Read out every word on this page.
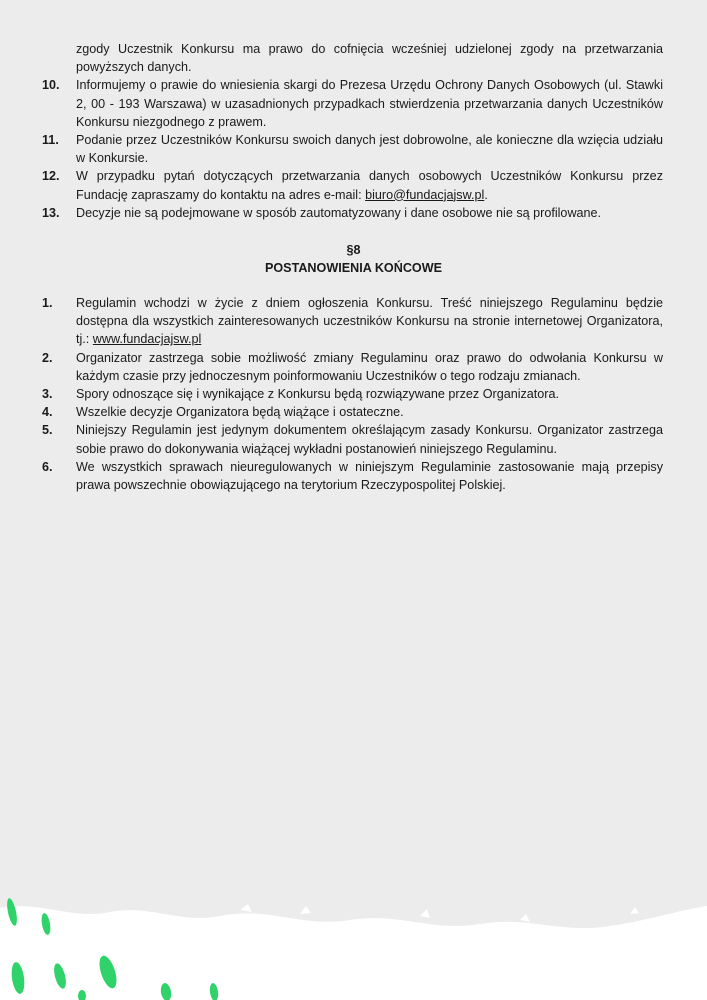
zgody Uczestnik Konkursu ma prawo do cofnięcia wcześniej udzielonej zgody na przetwarzania powyższych danych.

10. Informujemy o prawie do wniesienia skargi do Prezesa Urzędu Ochrony Danych Osobowych (ul. Stawki 2, 00 - 193 Warszawa) w uzasadnionych przypadkach stwierdzenia przetwarzania danych Uczestników Konkursu niezgodnego z prawem.
11. Podanie przez Uczestników Konkursu swoich danych jest dobrowolne, ale konieczne dla wzięcia udziału w Konkursie.
12. W przypadku pytań dotyczących przetwarzania danych osobowych Uczestników Konkursu przez Fundację zapraszamy do kontaktu na adres e-mail: biuro@fundacjajsw.pl.
13. Decyzje nie są podejmowane w sposób zautomatyzowany i dane osobowe nie są profilowane.

§8

POSTANOWIENIA KOŃCOWE

1. Regulamin wchodzi w życie z dniem ogłoszenia Konkursu. Treść niniejszego Regulaminu będzie dostępna dla wszystkich zainteresowanych uczestników Konkursu na stronie internetowej Organizatora, tj.: www.fundacjajsw.pl
2. Organizator zastrzega sobie możliwość zmiany Regulaminu oraz prawo do odwołania Konkursu w każdym czasie przy jednoczesnym poinformowaniu Uczestników o tego rodzaju zmianach.
3. Spory odnoszące się i wynikające z Konkursu będą rozwiązywane przez Organizatora.
4. Wszelkie decyzje Organizatora będą wiążące i ostateczne.
5. Niniejszy Regulamin jest jedynym dokumentem określającym zasady Konkursu. Organizator zastrzega sobie prawo do dokonywania wiążącej wykładni postanowień niniejszego Regulaminu.
6. We wszystkich sprawach nieuregulowanych w niniejszym Regulaminie zastosowanie mają przepisy prawa powszechnie obowiązującego na terytorium Rzeczypospolitej Polskiej.
